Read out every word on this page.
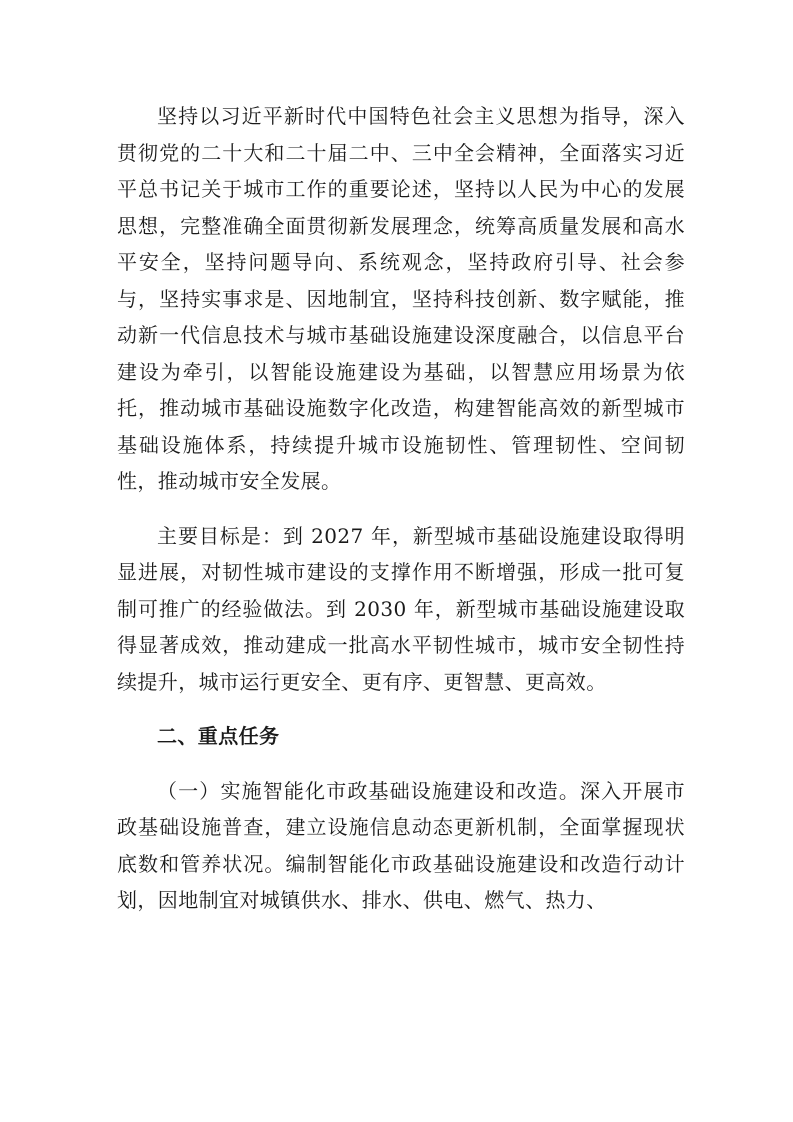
坚持以习近平新时代中国特色社会主义思想为指导，深入贯彻党的二十大和二十届二中、三中全会精神，全面落实习近平总书记关于城市工作的重要论述，坚持以人民为中心的发展思想，完整准确全面贯彻新发展理念，统筹高质量发展和高水平安全，坚持问题导向、系统观念，坚持政府引导、社会参与，坚持实事求是、因地制宜，坚持科技创新、数字赋能，推动新一代信息技术与城市基础设施建设深度融合，以信息平台建设为牵引，以智能设施建设为基础，以智慧应用场景为依托，推动城市基础设施数字化改造，构建智能高效的新型城市基础设施体系，持续提升城市设施韧性、管理韧性、空间韧性，推动城市安全发展。

主要目标是：到 2027 年，新型城市基础设施建设取得明显进展，对韧性城市建设的支撑作用不断增强，形成一批可复制可推广的经验做法。到 2030 年，新型城市基础设施建设取得显著成效，推动建成一批高水平韧性城市，城市安全韧性持续提升，城市运行更安全、更有序、更智慧、更高效。

二、重点任务

（一）实施智能化市政基础设施建设和改造。深入开展市政基础设施普查，建立设施信息动态更新机制，全面掌握现状底数和管养状况。编制智能化市政基础设施建设和改造行动计划，因地制宜对城镇供水、排水、供电、燃气、热力、
